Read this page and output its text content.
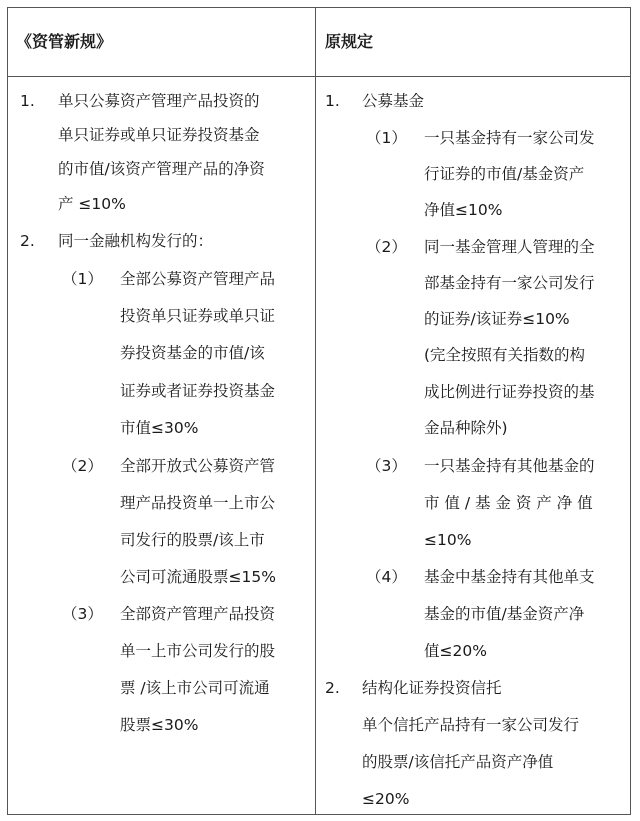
《资管新规》	原规定
1. 单只公募资产管理产品投资的
单只证券或单只证券投资基金
的市值/该资产管理产品的净资
产 ≤10%
2. 同一金融机构发行的：
（1） 全部公募资产管理产品
投资单只证券或单只证
券投资基金的市值/该
证券或者证券投资基金
市值≤30%
（2） 全部开放式公募资产管
理产品投资单一上市公
司发行的股票/该上市
公司可流通股票≤15%
（3） 全部资产管理产品投资
单一上市公司发行的股
票 /该上市公司可流通
股票≤30%
1. 公募基金
（1） 一只基金持有一家公司发
行证券的市值/基金资产
净值≤10%
（2） 同一基金管理人管理的全
部基金持有一家公司发行
的证券/该证券≤10%
(完全按照有关指数的构
成比例进行证券投资的基
金品种除外)
（3） 一只基金持有其他基金的
市 值 / 基 金 资 产 净 值
≤10%
（4） 基金中基金持有其他单支
基金的市值/基金资产净
值≤20%
2. 结构化证券投资信托
单个信托产品持有一家公司发行
的股票/该信托产品资产净值
≤20%
